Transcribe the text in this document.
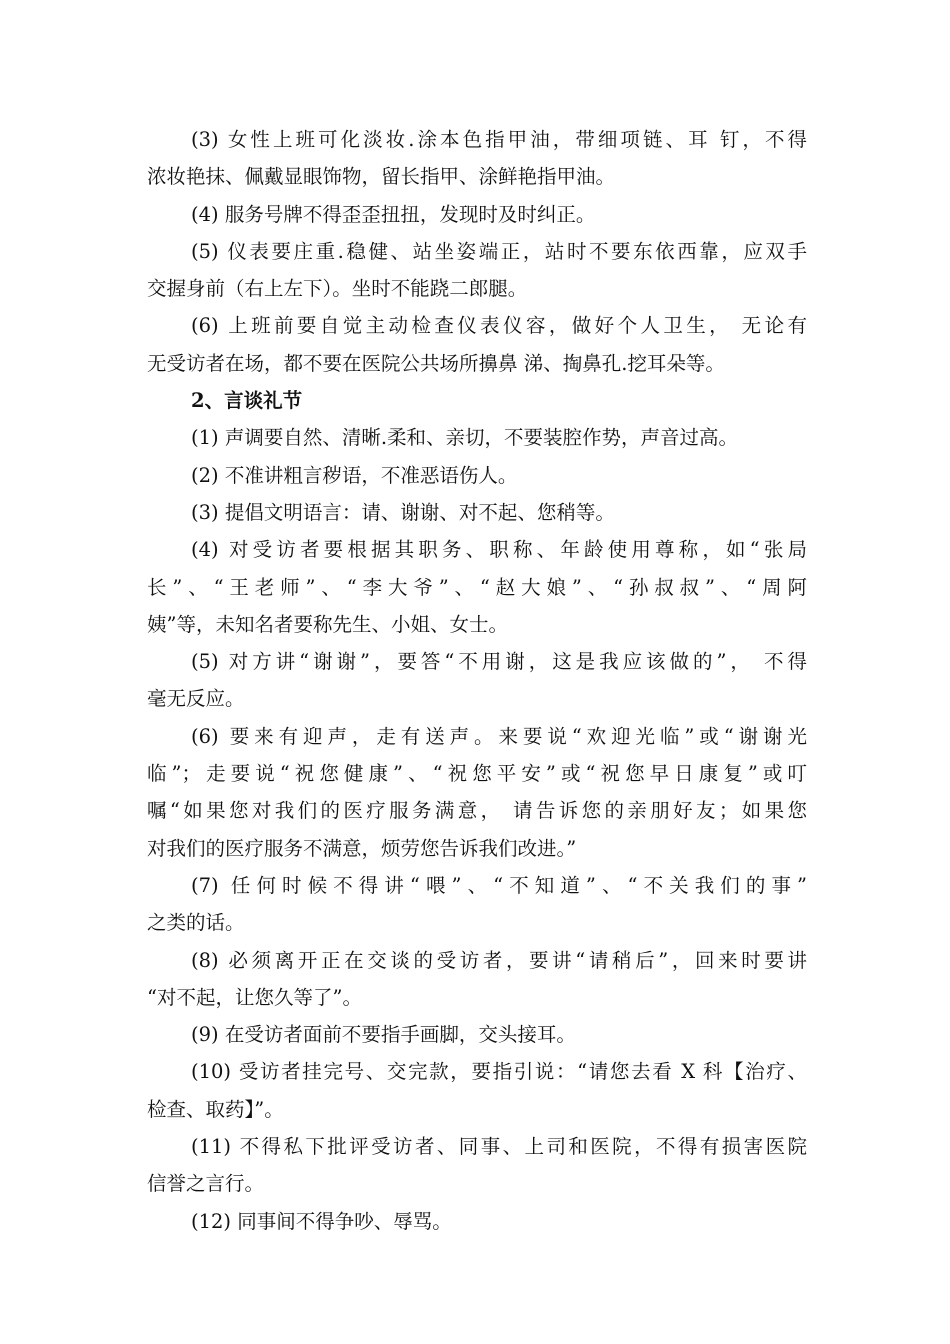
(3) 女性上班可化淡妆.涂本色指甲油，带细项链、耳 钉，不得
浓妆艳抹、佩戴显眼饰物，留长指甲、涂鲜艳指甲油。
(4) 服务号牌不得歪歪扭扭，发现时及时纠正。
(5) 仪表要庄重.稳健、站坐姿端正，站时不要东依西靠，应双手
交握身前（右上左下）。坐时不能跷二郎腿。
(6) 上班前要自觉主动检查仪表仪容，做好个人卫生， 无论有
无受访者在场，都不要在医院公共场所擤鼻 涕、掏鼻孔.挖耳朵等。
2、言谈礼节
(1) 声调要自然、清晰.柔和、亲切，不要装腔作势，声音过高。
(2) 不准讲粗言秽语，不准恶语伤人。
(3) 提倡文明语言：请、谢谢、对不起、您稍等。
(4) 对受访者要根据其职务、职称、年龄使用尊称，如“张局
长”、“王老师”、“李大爷”、“赵大娘”、“孙叔叔”、“周阿
姨”等，未知名者要称先生、小姐、女士。
(5) 对方讲“谢谢”，要答“不用谢，这是我应该做的”， 不得
毫无反应。
(6) 要来有迎声，走有送声。来要说“欢迎光临”或“谢谢光
临”；走要说“祝您健康”、“祝您平安”或“祝您早日康复”或叮
嘱“如果您对我们的医疗服务满意， 请告诉您的亲朋好友；如果您
对我们的医疗服务不满意，烦劳您告诉我们改进。”
(7) 任何时候不得讲“喂”、“不知道”、“不关我们的事”
之类的话。
(8) 必须离开正在交谈的受访者，要讲“请稍后”，回来时要讲
“对不起，让您久等了”。
(9) 在受访者面前不要指手画脚，交头接耳。
(10) 受访者挂完号、交完款，要指引说：“请您去看 X 科【治疗、
检查、取药】”。
(11) 不得私下批评受访者、同事、上司和医院，不得有损害医院
信誉之言行。
(12) 同事间不得争吵、辱骂。
